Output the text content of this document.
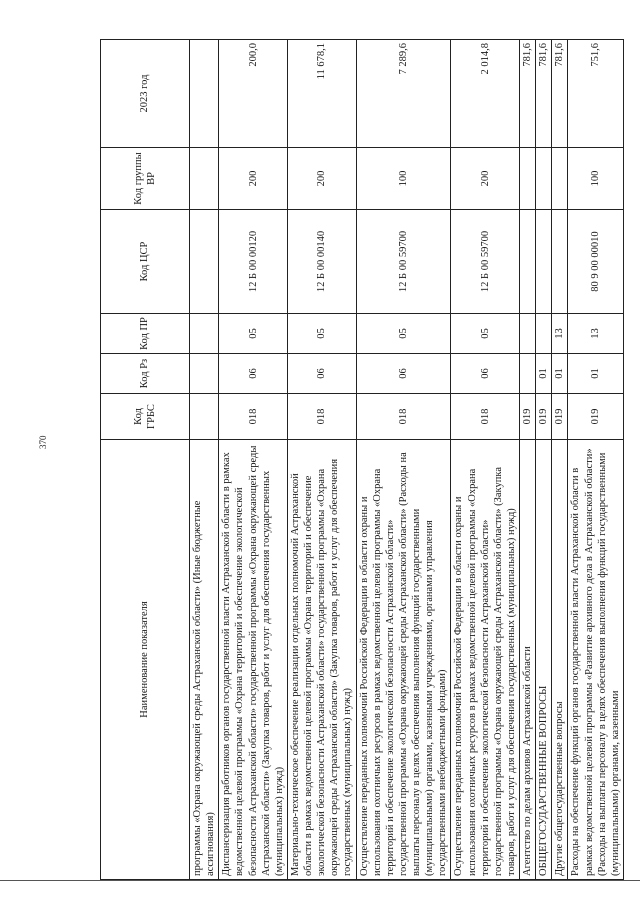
370
Наименование показателя	Код ГРБС	Код Рз	Код ПР	Код ЦСР	Код группы ВР	2023 год
программы «Охрана окружающей среды Астраханской области» (Иные бюджетные ассигнования)						
Диспансеризация работников органов государственной власти Астраханской области в рамках ведомственной целевой программы «Охрана территорий и обеспечение экологической безопасности Астраханской области» государственной программы «Охрана окружающей среды Астраханской области» (Закупка товаров, работ и услуг для обеспечения государственных (муниципальных) нужд)	018	06	05	12 Б 00 00120	200	200,0
Материально-техническое обеспечение реализации отдельных полномочий Астраханской области в рамках ведомственной целевой программы «Охрана территорий и обеспечение экологической безопасности Астраханской области» государственной программы «Охрана окружающей среды Астраханской области» (Закупка товаров, работ и услуг для обеспечения государственных (муниципальных) нужд)	018	06	05	12 Б 00 00140	200	11 678,1
Осуществление переданных полномочий Российской Федерации в области охраны и использования охотничьих ресурсов в рамках ведомственной целевой программы «Охрана территорий и обеспечение экологической безопасности Астраханской области» государственной программы «Охрана окружающей среды Астраханской области» (Расходы на выплаты персоналу в целях обеспечения выполнения функций государственными (муниципальными) органами, казенными учреждениями, органами управления государственными внебюджетными фондами)	018	06	05	12 Б 00 59700	100	7 289,6
Осуществление переданных полномочий Российской Федерации в области охраны и использования охотничьих ресурсов в рамках ведомственной целевой программы «Охрана территорий и обеспечение экологической безопасности Астраханской области» государственной программы «Охрана окружающей среды Астраханской области» (Закупка товаров, работ и услуг для обеспечения государственных (муниципальных) нужд)	018	06	05	12 Б 00 59700	200	2 014,8
Агентство по делам архивов Астраханской области	019					781,6
ОБЩЕГОСУДАРСТВЕННЫЕ ВОПРОСЫ	019	01				781,6
Другие общегосударственные вопросы	019	01	13			781,6
Расходы на обеспечение функций органов государственной власти Астраханской области в рамках ведомственной целевой программы «Развитие архивного дела в Астраханской области» (Расходы на выплаты персоналу в целях обеспечения выполнения функций государственными (муниципальными) органами, казенными	019	01	13	80 9 00 00010	100	751,6
